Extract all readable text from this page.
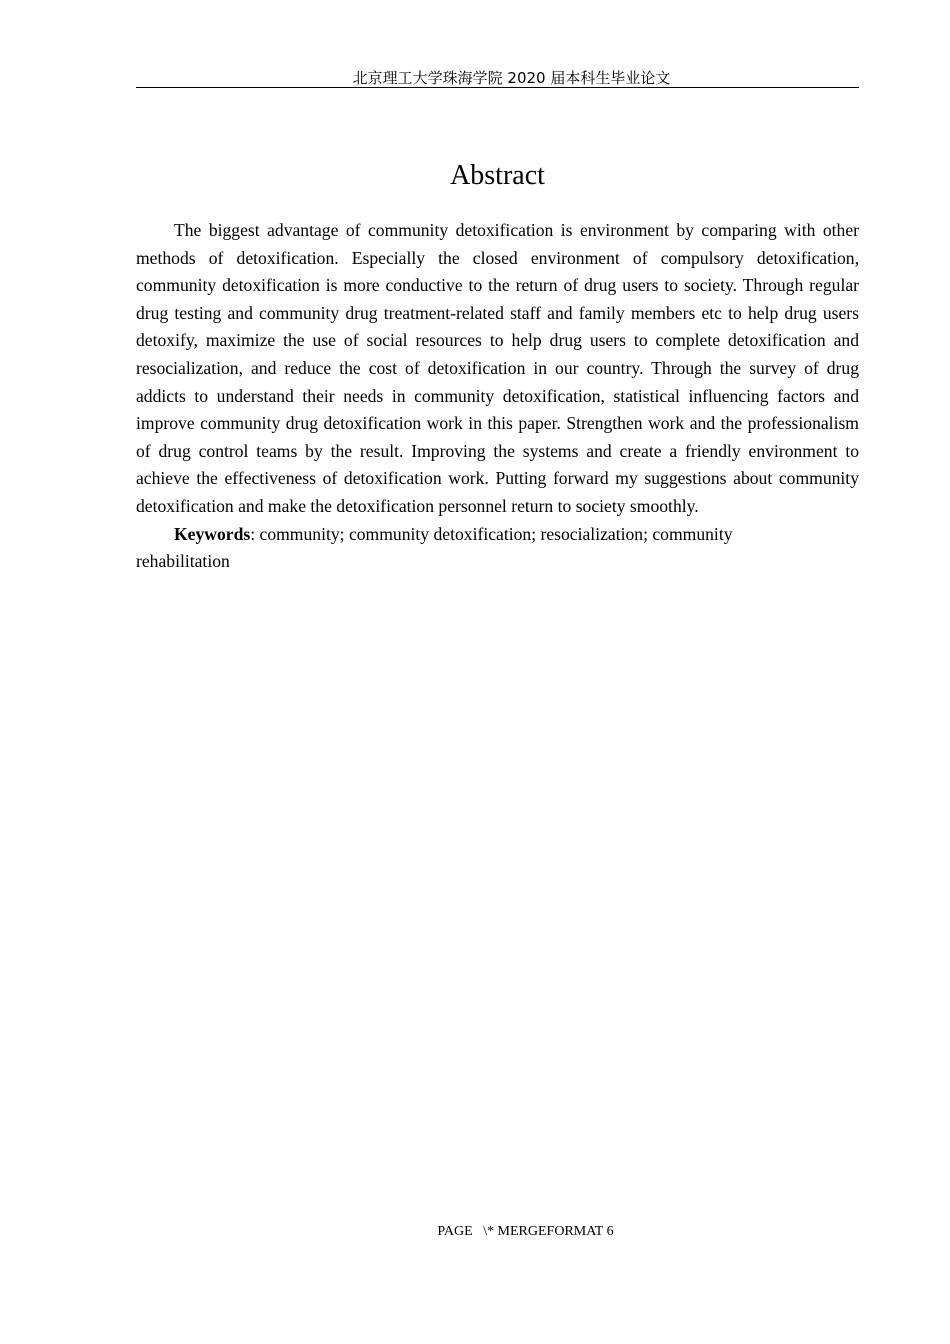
北京理工大学珠海学院 2020 届本科生毕业论文
Abstract

The biggest advantage of community detoxification is environment by comparing with other methods of detoxification. Especially the closed environment of compulsory detoxification, community detoxification is more conductive to the return of drug users to society. Through regular drug testing and community drug treatment-related staff and family members etc to help drug users detoxify, maximize the use of social resources to help drug users to complete detoxification and resocialization, and reduce the cost of detoxification in our country. Through the survey of drug addicts to understand their needs in community detoxification, statistical influencing factors and improve community drug detoxification work in this paper. Strengthen work and the professionalism of drug control teams by the result. Improving the systems and create a friendly environment to achieve the effectiveness of detoxification work. Putting forward my suggestions about community detoxification and make the detoxification personnel return to society smoothly.

Keywords: community; community detoxification; resocialization; community rehabilitation

PAGE   \* MERGEFORMAT 6
